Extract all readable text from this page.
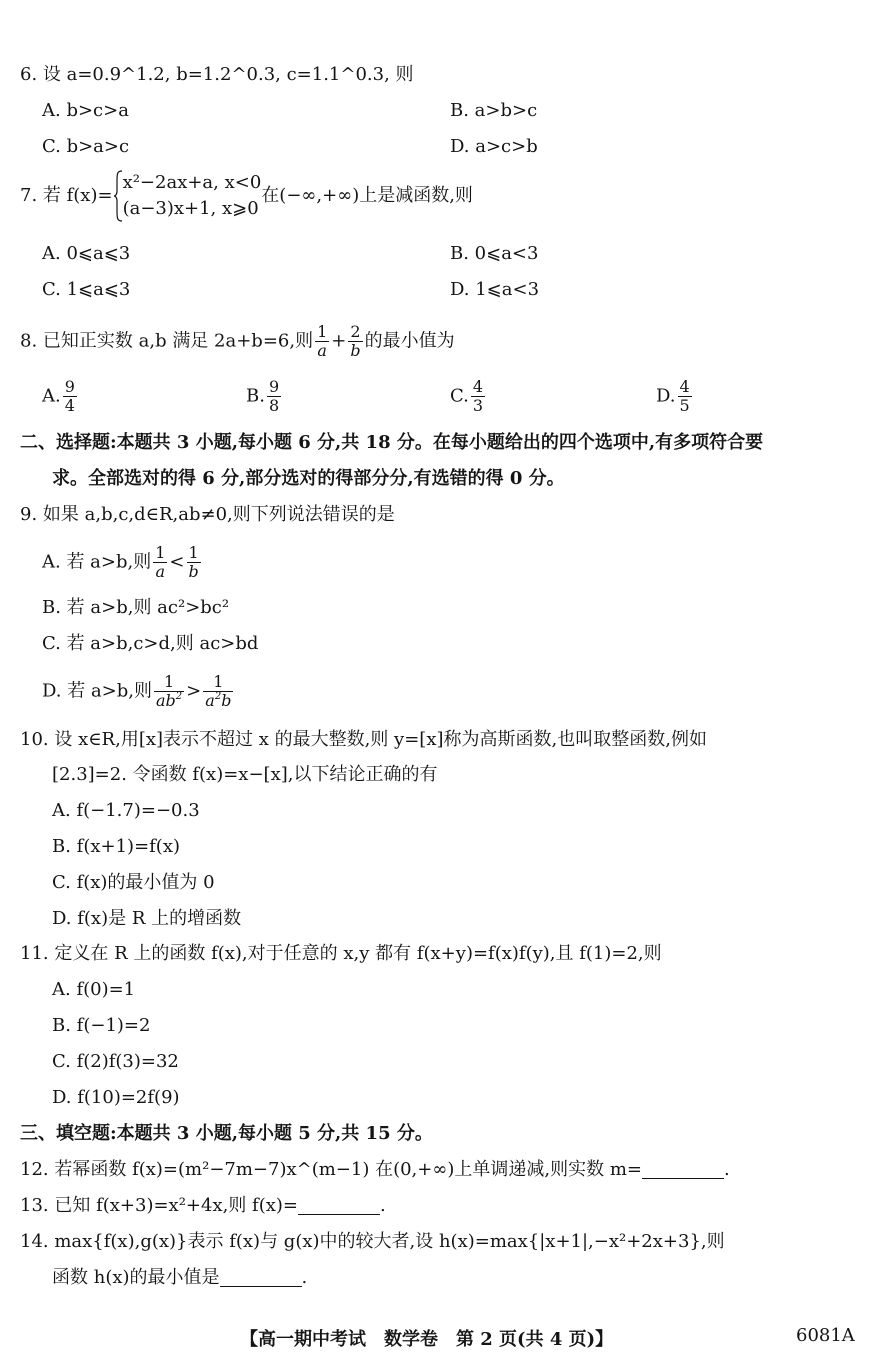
6. 设 a=0.9^1.2, b=1.2^0.3, c=1.1^0.3, 则
A. b>c>a	B. a>b>c
C. b>a>c	D. a>c>b
7. 若 f(x)=
x²−2ax+a, x<0
(a−3)x+1, x⩾0
在(−∞,+∞)上是减函数,则
A. 0⩽a⩽3	B. 0⩽a<3
C. 1⩽a⩽3	D. 1⩽a<3
8. 已知正实数 a,b 满足 2a+b=6,则 $\frac{1}{a} + \frac{2}{b}$ 的最小值为
A. $\frac{9}{4}$	B. $\frac{9}{8}$	C. $\frac{4}{3}$	D. $\frac{4}{5}$
二、选择题:本题共 3 小题,每小题 6 分,共 18 分。在每小题给出的四个选项中,有多项符合要
求。全部选对的得 6 分,部分选对的得部分分,有选错的得 0 分。
9. 如果 a,b,c,d∈R,ab≠0,则下列说法错误的是
A. 若 a>b,则 $\frac{1}{a} < \frac{1}{b}$
B. 若 a>b,则 ac²>bc²
C. 若 a>b,c>d,则 ac>bd
D. 若 a>b,则 $\frac{1}{ab^2} > \frac{1}{a^2b}$
10. 设 x∈R,用[x]表示不超过 x 的最大整数,则 y=[x]称为高斯函数,也叫取整函数,例如
[2.3]=2. 令函数 f(x)=x−[x],以下结论正确的有
A. f(−1.7)=−0.3
B. f(x+1)=f(x)
C. f(x)的最小值为 0
D. f(x)是 R 上的增函数
11. 定义在 R 上的函数 f(x),对于任意的 x,y 都有 f(x+y)=f(x)f(y),且 f(1)=2,则
A. f(0)=1
B. f(−1)=2
C. f(2)f(3)=32
D. f(10)=2f(9)
三、填空题:本题共 3 小题,每小题 5 分,共 15 分。
12. 若幂函数 f(x)=(m²−7m−7)x^(m−1) 在(0,+∞)上单调递减,则实数 m=	.
13. 已知 f(x+3)=x²+4x,则 f(x)=	.
14. max{f(x),g(x)}表示 f(x)与 g(x)中的较大者,设 h(x)=max{|x+1|,−x²+2x+3},则
函数 h(x)的最小值是	.
【高一期中考试　数学卷　第 2 页(共 4 页)】	6081A
